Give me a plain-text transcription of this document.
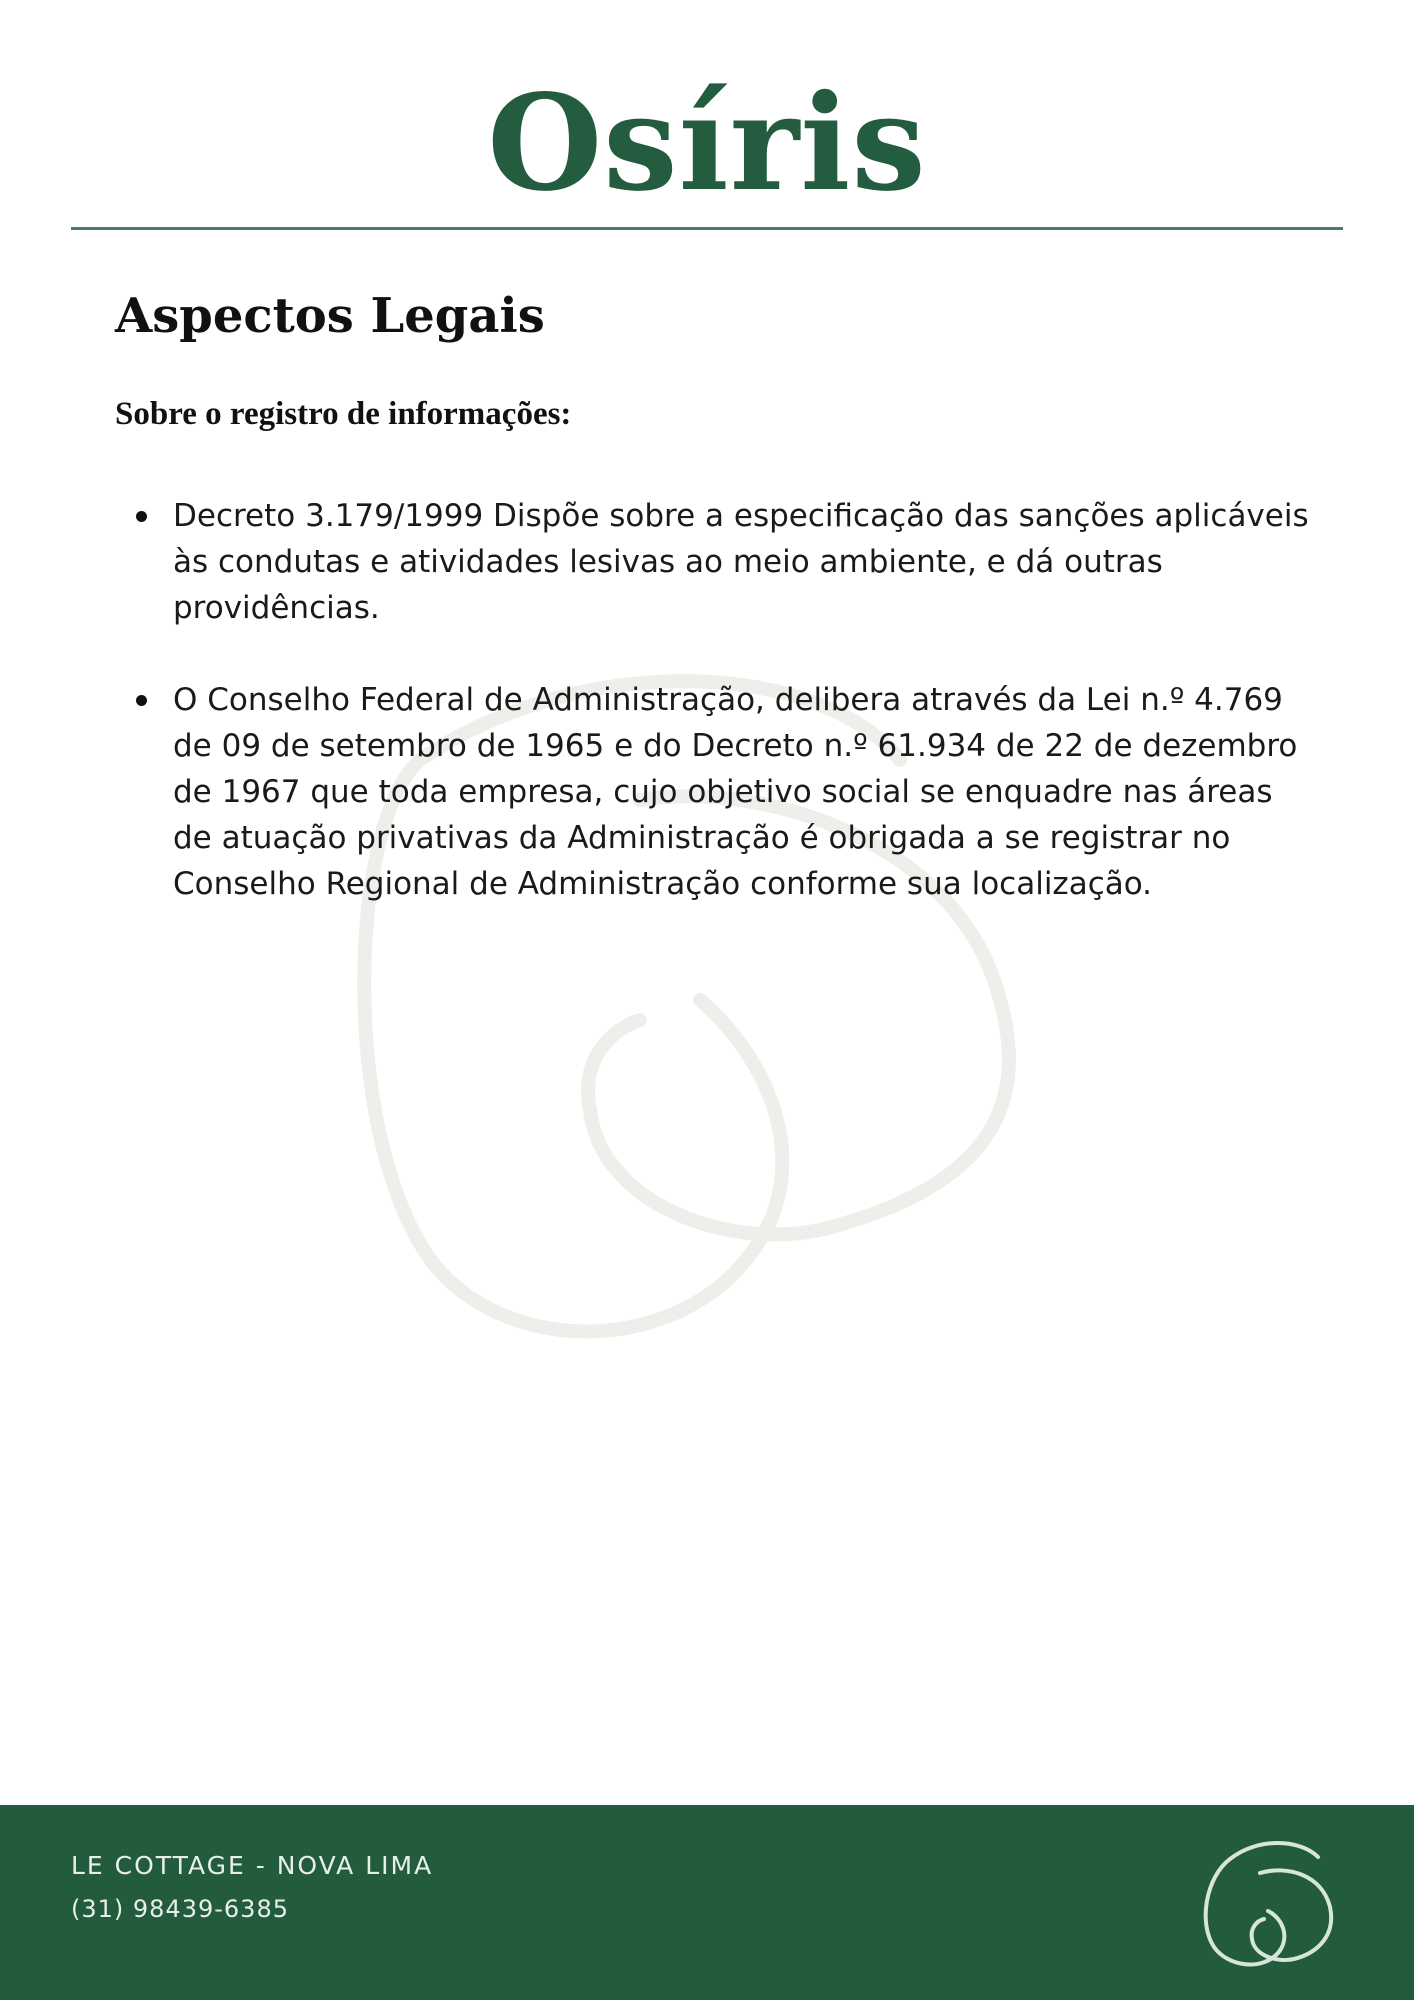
Osíris
Aspectos Legais
Sobre o registro de informações:
Decreto 3.179/1999 Dispõe sobre a especificação das sanções aplicáveis às condutas e atividades lesivas ao meio ambiente, e dá outras providências.
O Conselho Federal de Administração, delibera através da Lei n.º 4.769 de 09 de setembro de 1965 e do Decreto n.º 61.934 de 22 de dezembro de 1967 que toda empresa, cujo objetivo social se enquadre nas áreas de atuação privativas da Administração é obrigada a se registrar no Conselho Regional de Administração conforme sua localização.
LE COTTAGE - NOVA LIMA
(31) 98439-6385
